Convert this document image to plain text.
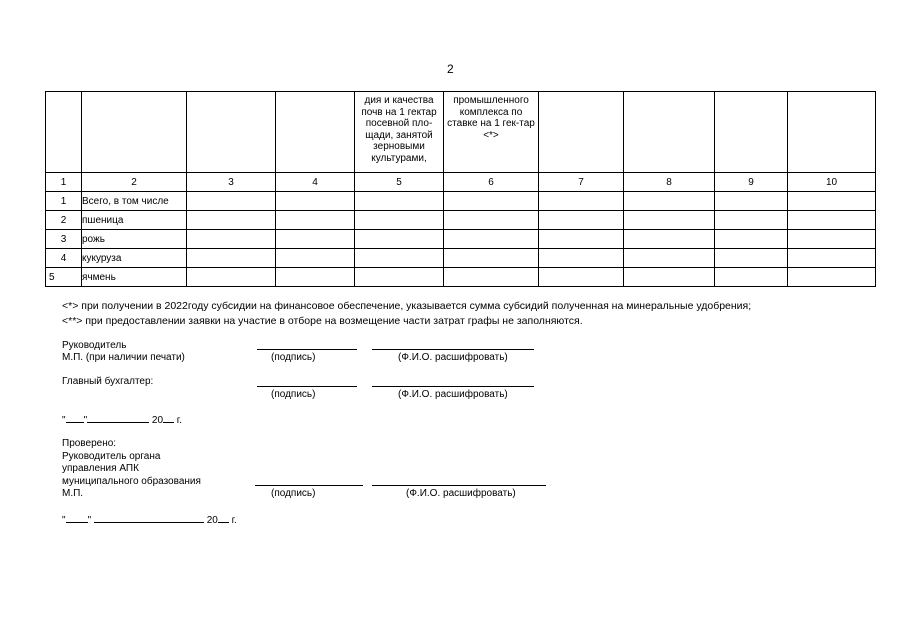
2

				дия и качества почв на 1 гектар посевной пло-щади, занятой зерновыми культурами,	промышленного комплекса по ставке на 1 гек-тар <*>				

1	2	3	4	5	6	7	8	9	10
1	Всего, в том числе								
2	пшеница								
3	рожь								
4	кукуруза								
5	ячмень								
<*> при получении в 2022году субсидии на финансовое обеспечение, указывается сумма субсидий полученная на минеральные удобрения;
<**> при предоставлении заявки на участие в отборе на возмещение части затрат графы не заполняются.
Руководитель
М.П. (при наличии печати)	(подпись)	(Ф.И.О. расшифровать)
Главный бухгалтер:
(подпись)	(Ф.И.О. расшифровать)
" "	20 г.
Проверено:
Руководитель органа
управления АПК
муниципального образования
М.П.	(подпись)	(Ф.И.О. расшифровать)
" "	20 г.
